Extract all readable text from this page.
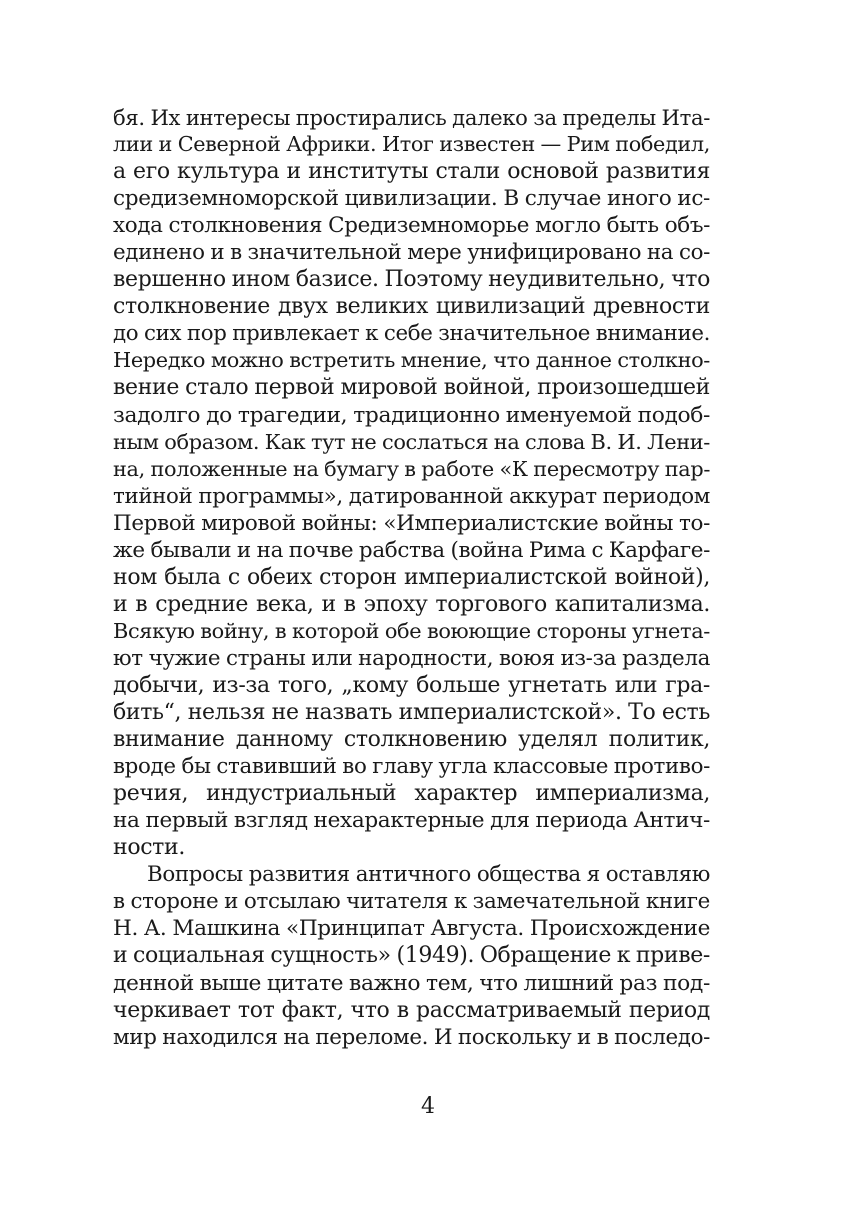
бя. Их интересы простирались далеко за пределы Ита-
лии и Северной Африки. Итог известен — Рим победил,
а его культура и институты стали основой развития
средиземноморской цивилизации. В случае иного ис-
хода столкновения Средиземноморье могло быть объ-
единено и в значительной мере унифицировано на со-
вершенно ином базисе. Поэтому неудивительно, что
столкновение двух великих цивилизаций древности
до сих пор привлекает к себе значительное внимание.
Нередко можно встретить мнение, что данное столкно-
вение стало первой мировой войной, произошедшей
задолго до трагедии, традиционно именуемой подоб-
ным образом. Как тут не сослаться на слова В. И. Лени-
на, положенные на бумагу в работе «К пересмотру пар-
тийной программы», датированной аккурат периодом
Первой мировой войны: «Империалистские войны то-
же бывали и на почве рабства (война Рима с Карфаге-
ном была с обеих сторон империалистской войной),
и в средние века, и в эпоху торгового капитализма.
Всякую войну, в которой обе воюющие стороны угнета-
ют чужие страны или народности, воюя из-за раздела
добычи, из-за того, „кому больше угнетать или гра-
бить“, нельзя не назвать империалистской». То есть
внимание данному столкновению уделял политик,
вроде бы ставивший во главу угла классовые противо-
речия, индустриальный характер империализма,
на первый взгляд нехарактерные для периода Антич-
ности.
Вопросы развития античного общества я оставляю
в стороне и отсылаю читателя к замечательной книге
Н. А. Машкина «Принципат Августа. Происхождение
и социальная сущность» (1949). Обращение к приве-
денной выше цитате важно тем, что лишний раз под-
черкивает тот факт, что в рассматриваемый период
мир находился на переломе. И поскольку и в последо-
4
